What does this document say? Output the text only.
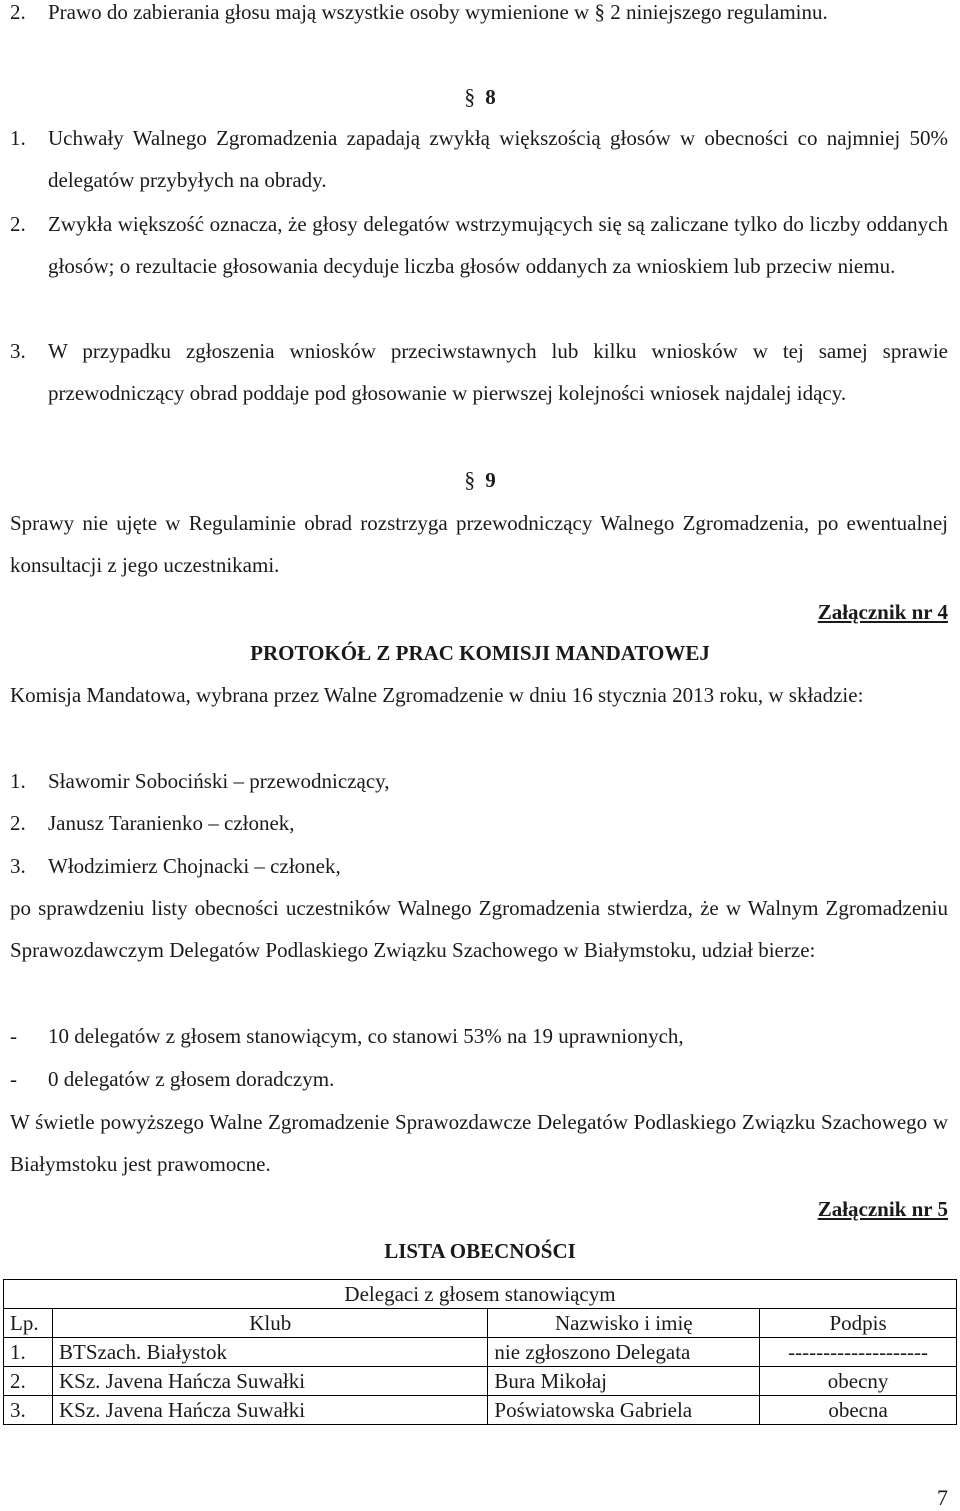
2. Prawo do zabierania głosu mają wszystkie osoby wymienione w § 2 niniejszego regulaminu.
§ 8
1. Uchwały Walnego Zgromadzenia zapadają zwykłą większością głosów w obecności co najmniej 50% delegatów przybyłych na obrady.
2. Zwykła większość oznacza, że głosy delegatów wstrzymujących się są zaliczane tylko do liczby oddanych głosów; o rezultacie głosowania decyduje liczba głosów oddanych za wnioskiem lub przeciw niemu.
3. W przypadku zgłoszenia wniosków przeciwstawnych lub kilku wniosków w tej samej sprawie przewodniczący obrad poddaje pod głosowanie w pierwszej kolejności wniosek najdalej idący.
§ 9

Sprawy nie ujęte w Regulaminie obrad rozstrzyga przewodniczący Walnego Zgromadzenia, po ewentualnej konsultacji z jego uczestnikami.

Załącznik nr 4
PROTOKÓŁ Z PRAC KOMISJI MANDATOWEJ

Komisja Mandatowa, wybrana przez Walne Zgromadzenie w dniu 16 stycznia 2013 roku, w składzie:

1. Sławomir Sobociński – przewodniczący,
2. Janusz Taranienko – członek,
3. Włodzimierz Chojnacki – członek,

po sprawdzeniu listy obecności uczestników Walnego Zgromadzenia stwierdza, że w Walnym Zgromadzeniu Sprawozdawczym Delegatów Podlaskiego Związku Szachowego w Białymstoku, udział bierze:

- 10 delegatów z głosem stanowiącym, co stanowi 53% na 19 uprawnionych,
- 0 delegatów z głosem doradczym.

W świetle powyższego Walne Zgromadzenie Sprawozdawcze Delegatów Podlaskiego Związku Szachowego w Białymstoku jest prawomocne.

Załącznik nr 5
LISTA OBECNOŚCI
Delegaci z głosem stanowiącym			
Lp.	Klub	Nazwisko i imię	Podpis
1.	BTSzach. Białystok	nie zgłoszono Delegata	--------------------
2.	KSz. Javena Hańcza Suwałki	Bura Mikołaj	obecny
3.	KSz. Javena Hańcza Suwałki	Poświatowska Gabriela	obecna
7
